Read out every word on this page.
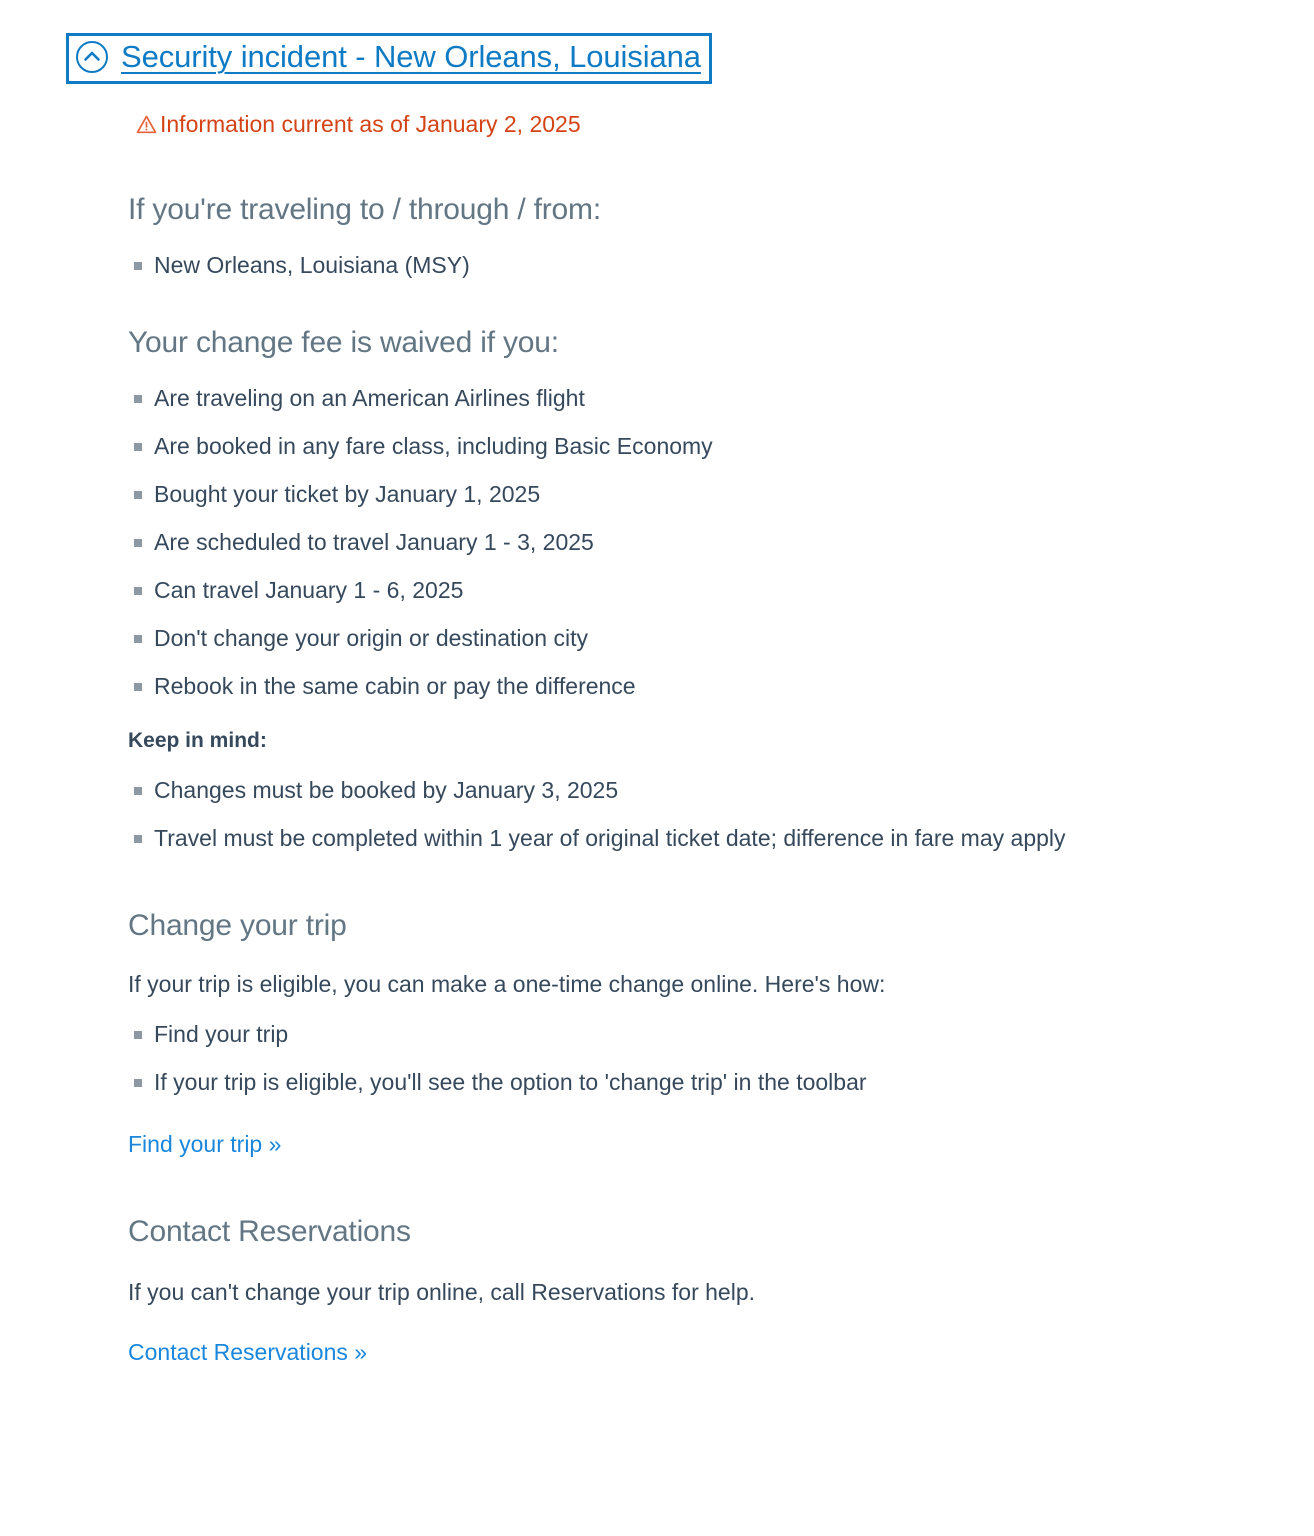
Security incident - New Orleans, Louisiana
Information current as of January 2, 2025
If you're traveling to / through / from:
New Orleans, Louisiana (MSY)
Your change fee is waived if you:
Are traveling on an American Airlines flight
Are booked in any fare class, including Basic Economy
Bought your ticket by January 1, 2025
Are scheduled to travel January 1 - 3, 2025
Can travel January 1 - 6, 2025
Don't change your origin or destination city
Rebook in the same cabin or pay the difference

Keep in mind:

Changes must be booked by January 3, 2025
Travel must be completed within 1 year of original ticket date; difference in fare may apply
Change your trip

If your trip is eligible, you can make a one-time change online. Here's how:

Find your trip
If your trip is eligible, you'll see the option to 'change trip' in the toolbar
Find your trip »
Contact Reservations

If you can't change your trip online, call Reservations for help.

Contact Reservations »
